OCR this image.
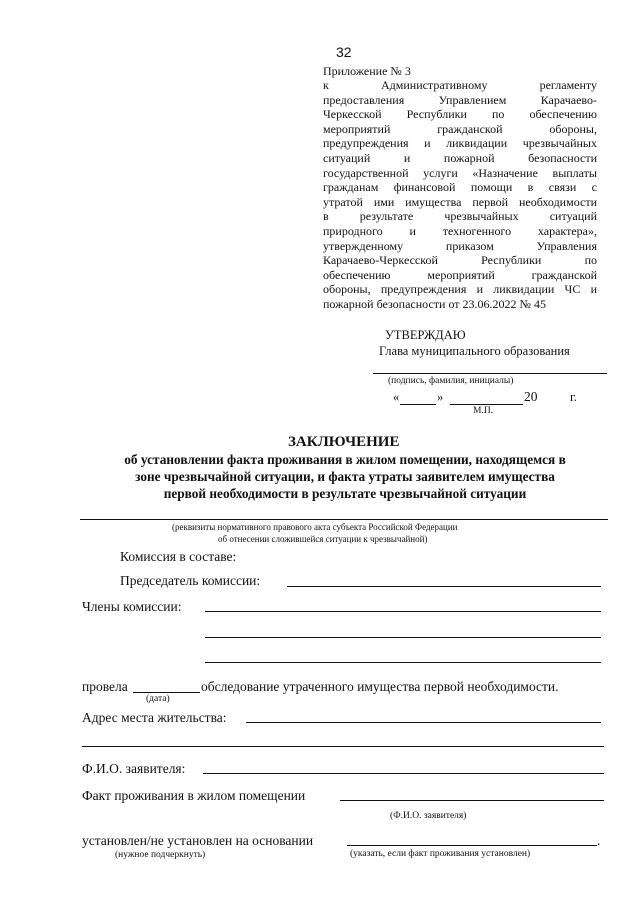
32
Приложение № 3
к Административному регламенту
предоставления Управлением Карачаево-
Черкесской Республики по обеспечению
мероприятий гражданской обороны,
предупреждения и ликвидации чрезвычайных
ситуаций и пожарной безопасности
государственной услуги «Назначение выплаты
гражданам финансовой помощи в связи с
утратой ими имущества первой необходимости
в результате чрезвычайных ситуаций
природного и техногенного характера»,
утвержденному приказом Управления
Карачаево-Черкесской Республики по
обеспечению мероприятий гражданской
обороны, предупреждения и ликвидации ЧС и
пожарной безопасности от 23.06.2022 № 45
УТВЕРЖДАЮ
Глава муниципального образования
(подпись, фамилия, инициалы)
«	»	20	г.
М.П.
ЗАКЛЮЧЕНИЕ
об установлении факта проживания в жилом помещении, находящемся в
зоне чрезвычайной ситуации, и факта утраты заявителем имущества
первой необходимости в результате чрезвычайной ситуации
(реквизиты нормативного правового акта субъекта Российской Федерации
об отнесении сложившейся ситуации к чрезвычайной)
Комиссия в составе:
Председатель комиссии:
Члены комиссии:
провела	обследование утраченного имущества первой необходимости.
(дата)
Адрес места жительства:
Ф.И.О. заявителя:
Факт проживания в жилом помещении
(Ф.И.О. заявителя)
установлен/не установлен на основании	.
(нужное подчеркнуть)	(указать, если факт проживания установлен)
